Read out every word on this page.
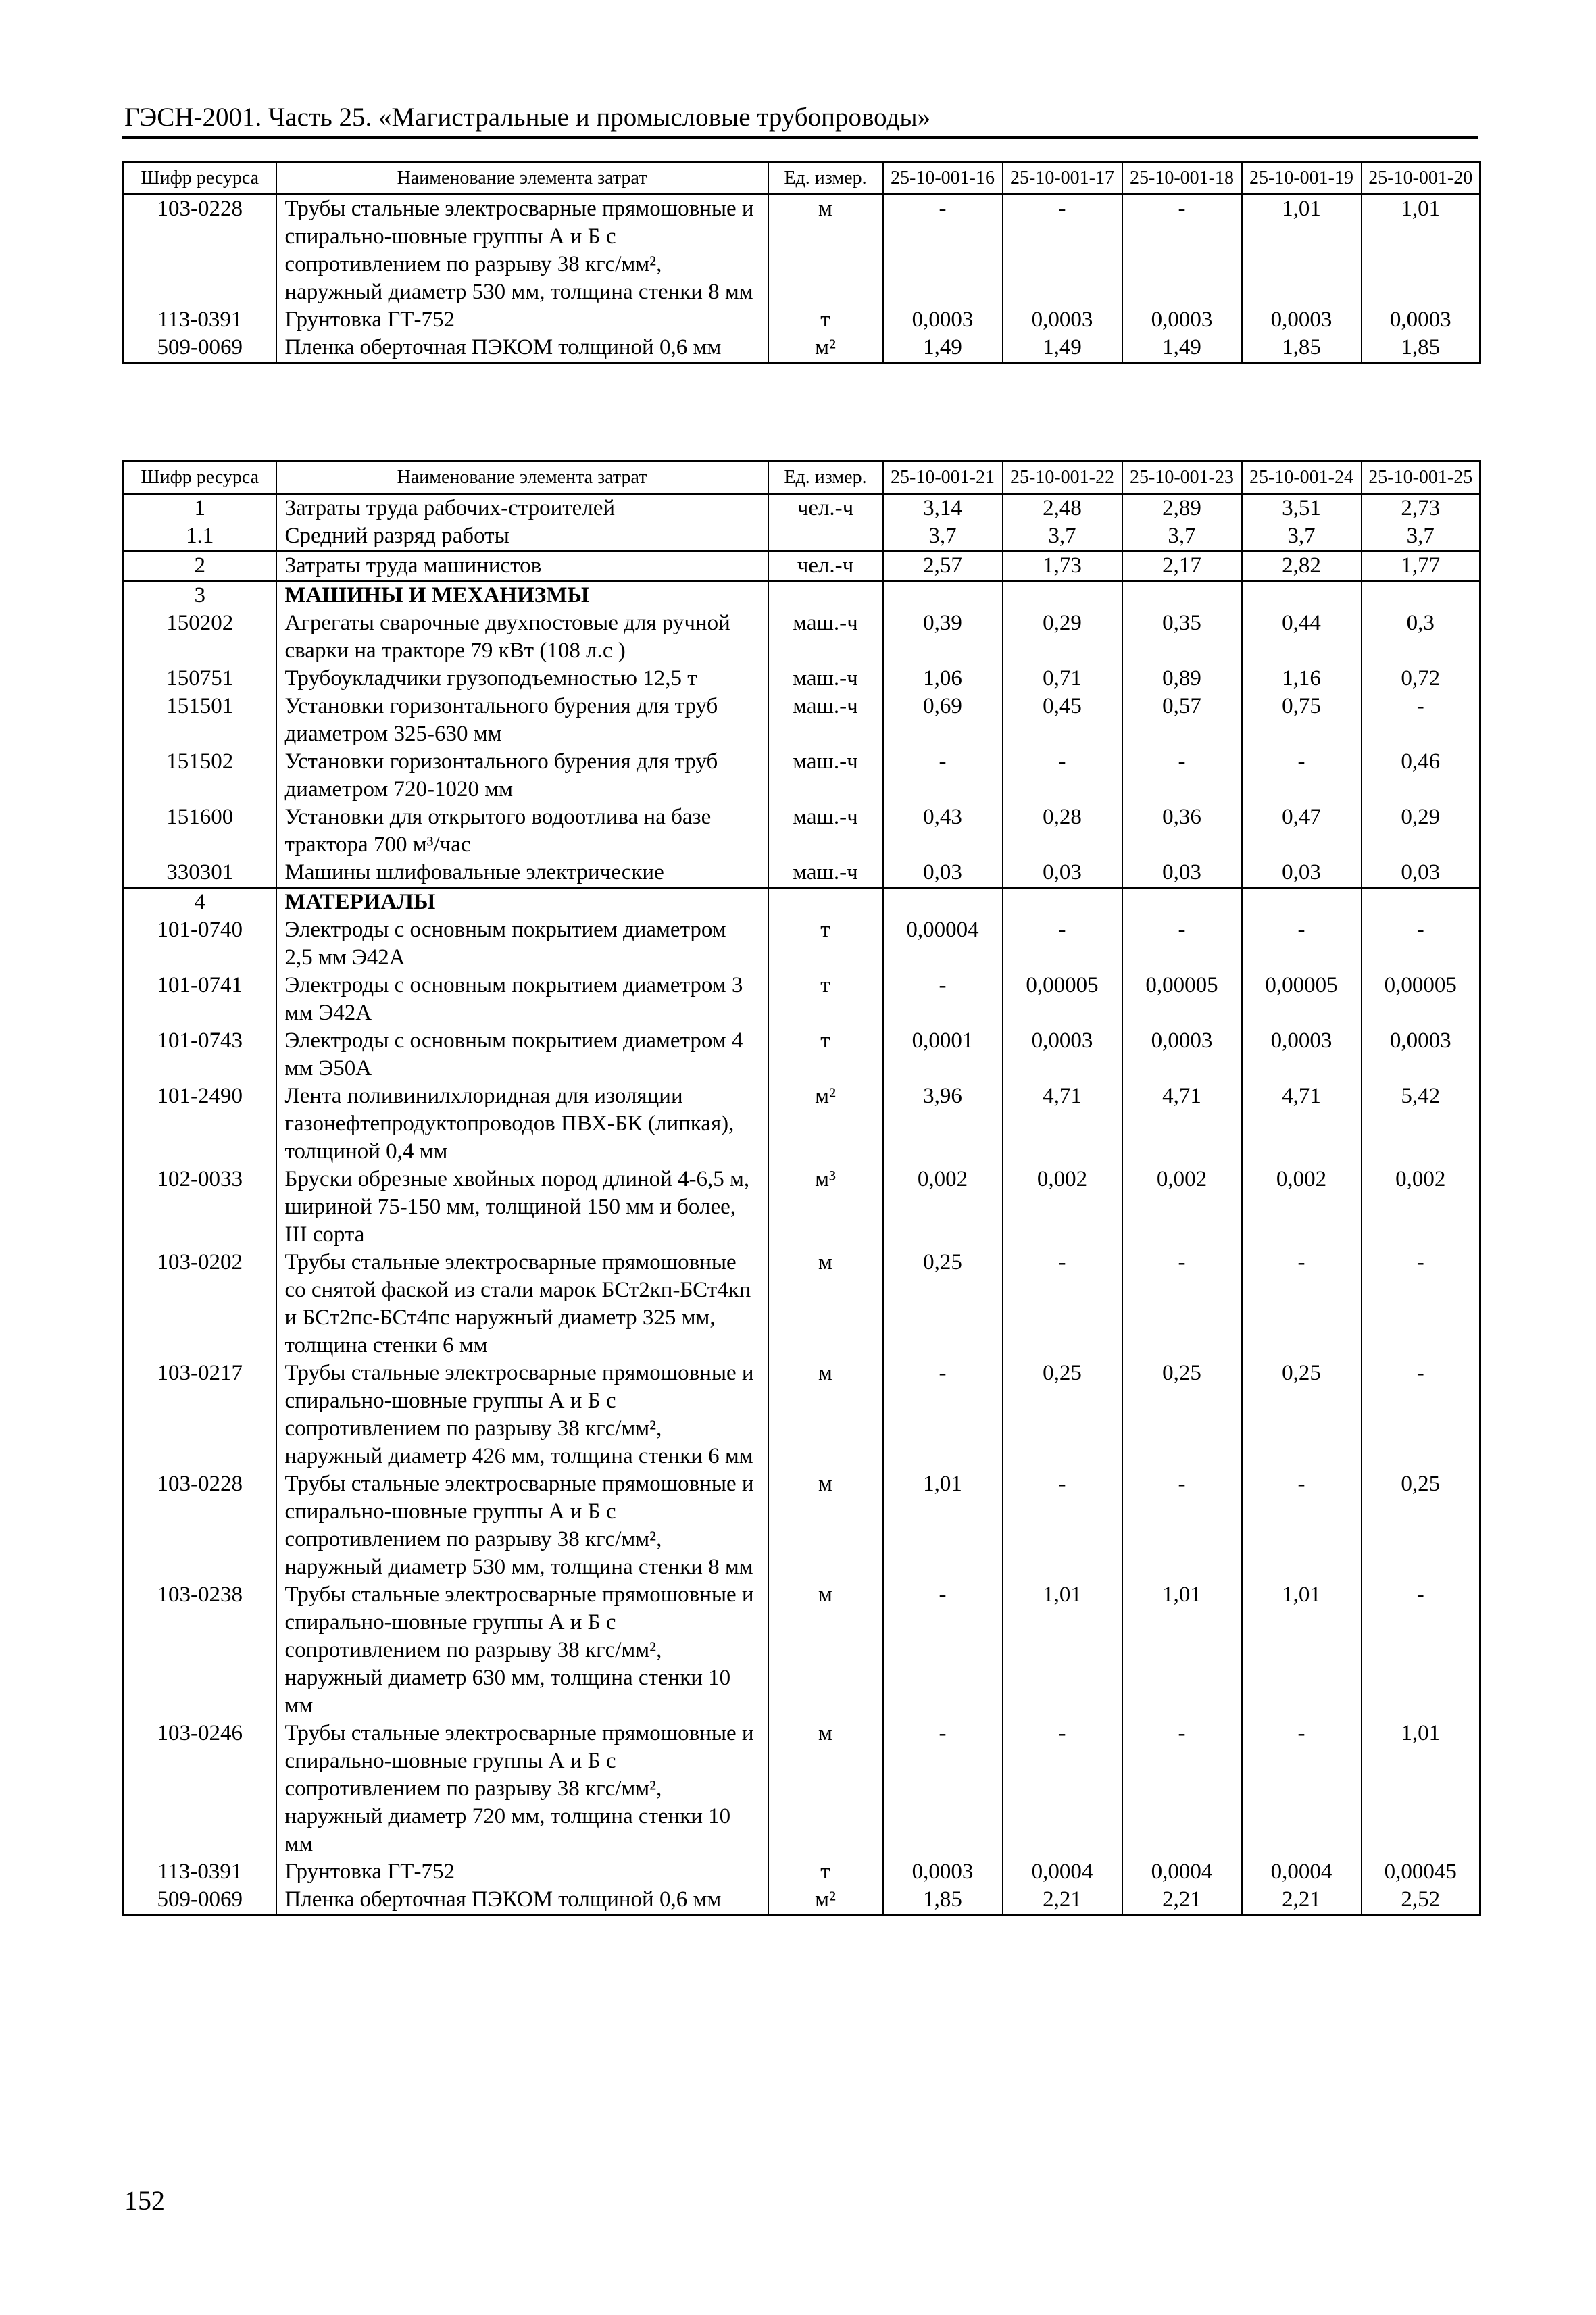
ГЭСН-2001. Часть 25. «Магистральные и промысловые трубопроводы»
Шифр ресурса	Наименование элемента затрат	Ед. измер.	25-10-001-16	25-10-001-17	25-10-001-18	25-10-001-19	25-10-001-20
103-0228	Трубы стальные электросварные прямошовные и спирально-шовные группы А и Б с сопротивлением по разрыву 38 кгс/мм², наружный диаметр 530 мм, толщина стенки 8 мм	м	-	-	-	1,01	1,01
113-0391	Грунтовка ГТ-752	т	0,0003	0,0003	0,0003	0,0003	0,0003
509-0069	Пленка оберточная ПЭКОМ толщиной 0,6 мм	м²	1,49	1,49	1,49	1,85	1,85
Шифр ресурса	Наименование элемента затрат	Ед. измер.	25-10-001-21	25-10-001-22	25-10-001-23	25-10-001-24	25-10-001-25
1	Затраты труда рабочих-строителей	чел.-ч	3,14	2,48	2,89	3,51	2,73
1.1	Средний разряд работы		3,7	3,7	3,7	3,7	3,7
2	Затраты труда машинистов	чел.-ч	2,57	1,73	2,17	2,82	1,77
3	МАШИНЫ И МЕХАНИЗМЫ						
150202	Агрегаты сварочные двухпостовые для ручной сварки на тракторе 79 кВт (108 л.с )	маш.-ч	0,39	0,29	0,35	0,44	0,3
150751	Трубоукладчики грузоподъемностью 12,5 т	маш.-ч	1,06	0,71	0,89	1,16	0,72
151501	Установки горизонтального бурения для труб диаметром 325-630 мм	маш.-ч	0,69	0,45	0,57	0,75	-
151502	Установки горизонтального бурения для труб диаметром 720-1020 мм	маш.-ч	-	-	-	-	0,46
151600	Установки для открытого водоотлива на базе трактора 700 м³/час	маш.-ч	0,43	0,28	0,36	0,47	0,29
330301	Машины шлифовальные электрические	маш.-ч	0,03	0,03	0,03	0,03	0,03
4	МАТЕРИАЛЫ						
101-0740	Электроды с основным покрытием диаметром 2,5 мм Э42А	т	0,00004	-	-	-	-
101-0741	Электроды с основным покрытием диаметром 3 мм Э42А	т	-	0,00005	0,00005	0,00005	0,00005
101-0743	Электроды с основным покрытием диаметром 4 мм Э50А	т	0,0001	0,0003	0,0003	0,0003	0,0003
101-2490	Лента поливинилхлоридная для изоляции газонефтепродуктопроводов ПВХ-БК (липкая), толщиной 0,4 мм	м²	3,96	4,71	4,71	4,71	5,42
102-0033	Бруски обрезные хвойных пород длиной 4-6,5 м, шириной 75-150 мм, толщиной 150 мм и более, III сорта	м³	0,002	0,002	0,002	0,002	0,002
103-0202	Трубы стальные электросварные прямошовные со снятой фаской из стали марок БСт2кп-БСт4кп и БСт2пс-БСт4пс наружный диаметр 325 мм, толщина стенки 6 мм	м	0,25	-	-	-	-
103-0217	Трубы стальные электросварные прямошовные и спирально-шовные группы А и Б с сопротивлением по разрыву 38 кгс/мм², наружный диаметр 426 мм, толщина стенки 6 мм	м	-	0,25	0,25	0,25	-
103-0228	Трубы стальные электросварные прямошовные и спирально-шовные группы А и Б с сопротивлением по разрыву 38 кгс/мм², наружный диаметр 530 мм, толщина стенки 8 мм	м	1,01	-	-	-	0,25
103-0238	Трубы стальные электросварные прямошовные и спирально-шовные группы А и Б с сопротивлением по разрыву 38 кгс/мм², наружный диаметр 630 мм, толщина стенки 10 мм	м	-	1,01	1,01	1,01	-
103-0246	Трубы стальные электросварные прямошовные и спирально-шовные группы А и Б с сопротивлением по разрыву 38 кгс/мм², наружный диаметр 720 мм, толщина стенки 10 мм	м	-	-	-	-	1,01
113-0391	Грунтовка ГТ-752	т	0,0003	0,0004	0,0004	0,0004	0,00045
509-0069	Пленка оберточная ПЭКОМ толщиной 0,6 мм	м²	1,85	2,21	2,21	2,21	2,52
152
